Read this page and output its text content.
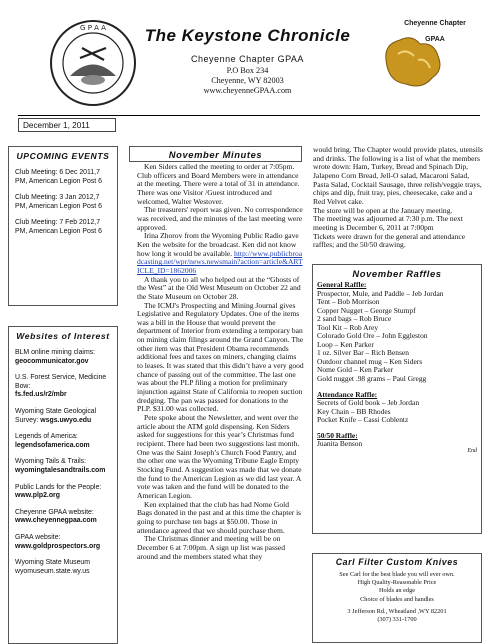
G P A A The Keystone Chronicle
Cheyenne Chapter GPAA
P.O Box 234
Cheyenne, WY 82003
www.cheyenneGPAA.com
Cheyenne Chapter GPAA
December 1, 2011
UPCOMING EVENTS
Club Meeting: 6 Dec 2011,7 PM, American Legion Post 6
Club Meeting: 3 Jan 2012,7 PM, American Legion Post 6
Club Meeting: 7 Feb 2012,7 PM, American Legion Post 6
Websites of Interest
BLM online mining claims:
geocommunicator.gov
U.S. Forest Service, Medicine Bow:
fs.fed.us/r2/mbr
Wyoming State Geological Survey: wsgs.uwyo.edu
Legends of America:
legendsofamerica.com
Wyoming Tails & Trails:
wyomingtalesandtrails.com
Public Lands for the People:
www.plp2.org
Cheyenne GPAA website:
www.cheyennegpaa.com
GPAA website:
www.goldprospectors.org
Wyoming State Museum
wyomuseum.state.wy.us
November Minutes

Ken Siders called the meeting to order at 7:05pm. Club officers and Board Members were in attendance at the meeting. There were a total of 31 in attendance. There was one Visitor /Guest introduced and welcomed, Walter Westover.

The treasurers' report was given. No correspondence was received, and the minutes of the last meeting were approved.

Irina Zhorov from the Wyoming Public Radio gave Ken the website for the broadcast. Ken did not know how long it would be available. http://www.publicbroadcasting.net/wpr/news.newsmain?action=article&ARTICLE_ID=1862006

A thank you to all who helped out at the “Ghosts of the West” at the Old West Museum on October 22 and the State Museum on October 28.

The ICMJ's Prospecting and Mining Journal gives Legislative and Regulatory Updates. One of the items was a bill in the House that would prevent the department of Interior from extending a temporary ban on mining claim filings around the Grand Canyon. The other item was that President Obama recommends additional fees and taxes on miners, changing claims to leases. It was stated that this didn’t have a very good chance of passing out of the committee. The last one was about the PLP filing a motion for preliminary injunction against State of California to reopen suction dredging. The pan was passed for donations to the PLP. $31.00 was collected.

Pete spoke about the Newsletter, and went over the article about the ATM gold dispensing. Ken Siders asked for suggestions for this year’s Christmas fund recipient. There had been two suggestions last month. One was the Saint Joseph’s Church Food Pantry, and the other one was the Wyoming Tribune Eagle Empty Stocking Fund. A suggestion was made that we donate the fund to the American Legion as we did last year. A vote was taken and the fund will be donated to the American Legion.

Ken explained that the club has had Nome Gold Bags donated in the past and at this time the chapter is going to purchase ten bags at $50.00. Those in attendance agreed that we should purchase them.

The Christmas dinner and meeting will be on December 6 at 7:00pm. A sign up list was passed around and the members stated what they

would bring. The Chapter would provide plates, utensils and drinks. The following is a list of what the members wrote down: Ham, Turkey, Bread and Spinach Dip, Jalapeno Corn Bread, Jell-O salad, Macaroni Salad, Pasta Salad, Cocktail Sausage, three relish/veggie trays, chips and dip, fruit tray, pies, cheesecake, cake and a Red Velvet cake.

The store will be open at the January meeting.

The meeting was adjourned at 7:30 p.m. The next meeting is December 6, 2011 at 7:00pm

Tickets were drawn for the general and attendance raffles; and the 50/50 drawing.

November Raffles
General Raffle:
Prospector, Mule, and Paddle – Jeb Jordan
Tent – Bob Morrison
Copper Nugget – George Stumpf
2 sand bags – Rob Bruce
Tool Kit – Rob Arey
Colorado Gold Ore – John Eggleston
Loop – Ken Parker
1 oz. Silver Bar – Rich Bensen
Outdoor channel mug – Ken Siders
Nome Gold – Ken Parker
Gold nugget .98 grams – Paul Gregg
Attendance Raffle:
Secrets of Gold book – Jeb Jordan
Key Chain – BB Rhodes
Pocket Knife – Cassi Coblentz
50/50 Raffle:
Juanita Benson
End
Carl Filter Custom Knives
See Carl for the best blade you will ever own.
High Quality-Reasonable Price
Holds an edge
Choice of blades and handles
3 Jefferson Rd., Wheatland ,WY 82201
(307) 331-1700
